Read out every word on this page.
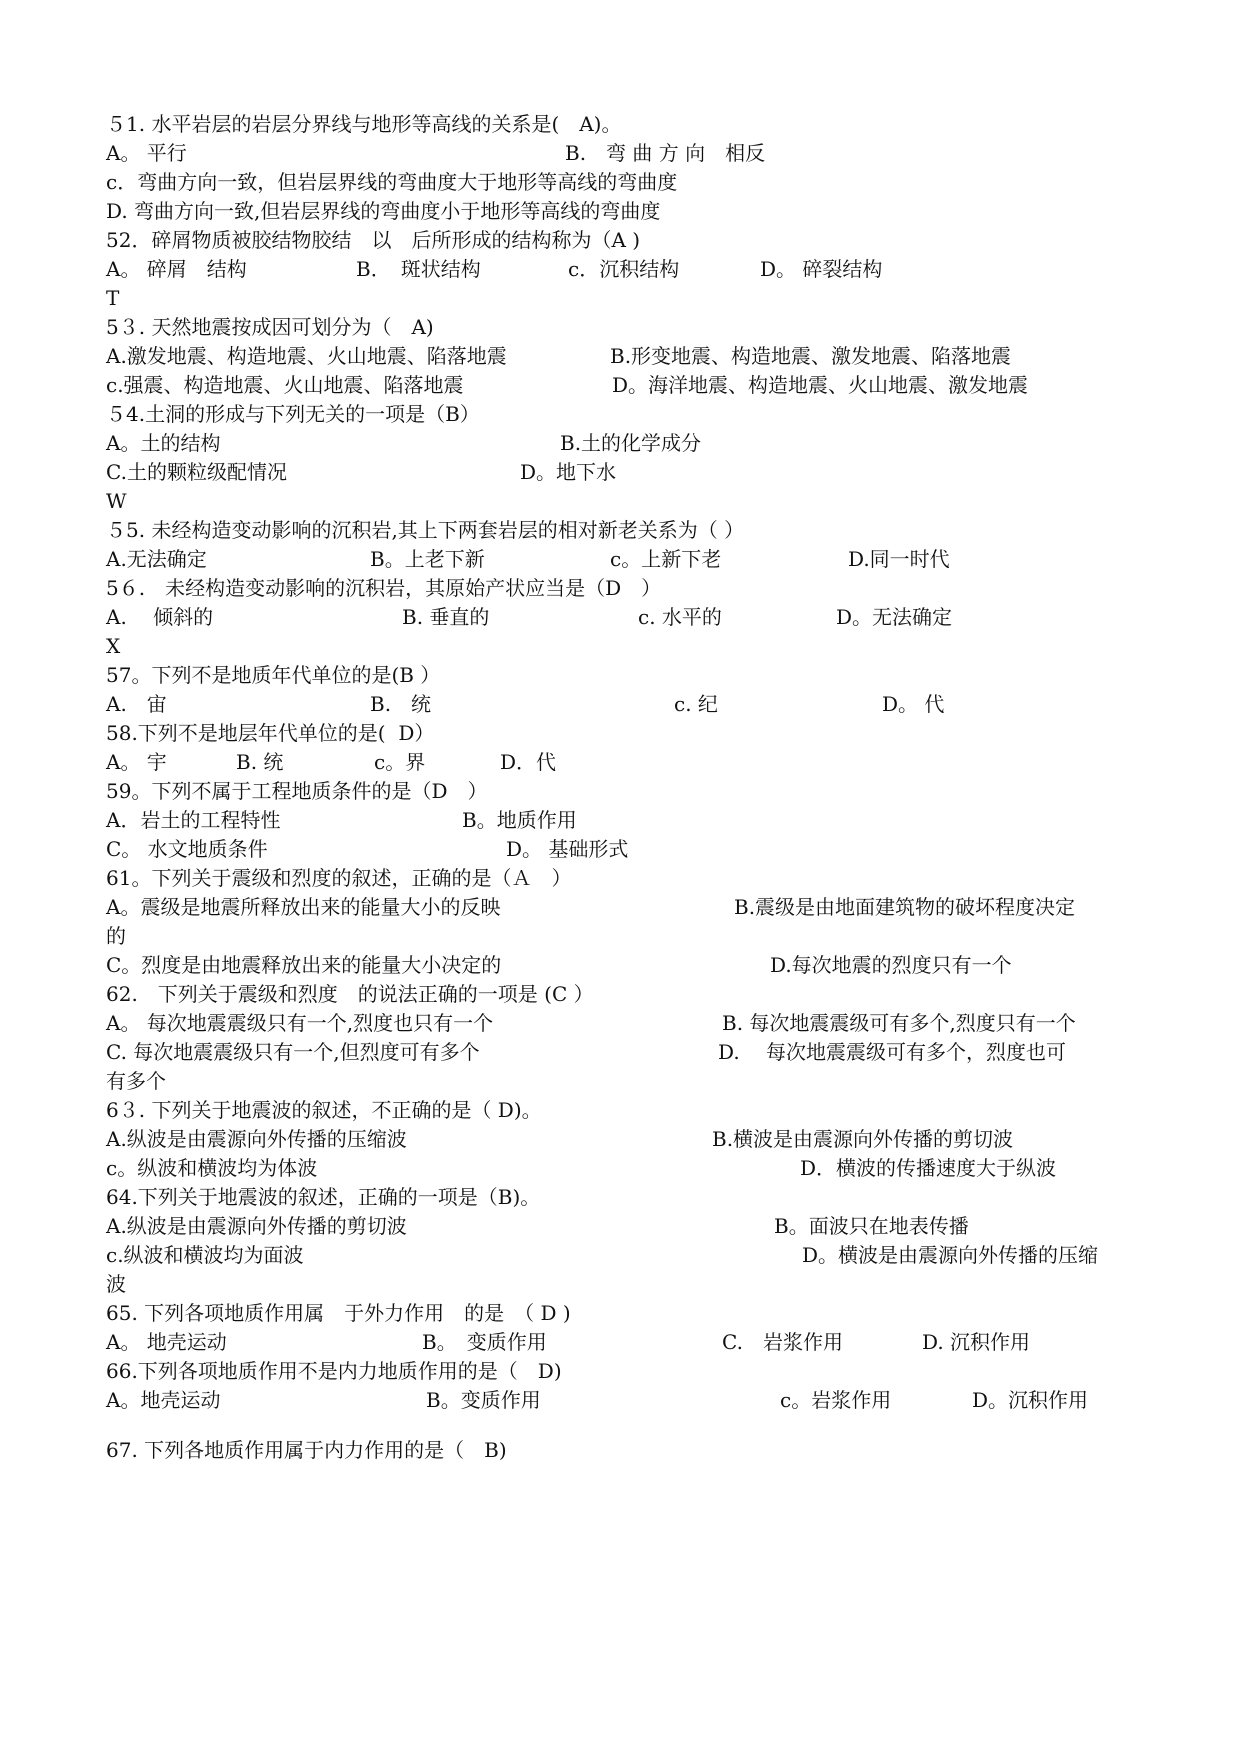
５1. 水平岩层的岩层分界线与地形等高线的关系是(　A)。
A。 平行	B.　弯 曲 方 向　相反
c．弯曲方向一致，但岩层界线的弯曲度大于地形等高线的弯曲度
D. 弯曲方向一致,但岩层界线的弯曲度小于地形等高线的弯曲度
52．碎屑物质被胶结物胶结　以　后所形成的结构称为（A )
A。 碎屑　结构	B．　斑状结构	c．沉积结构	D。 碎裂结构
T
5３. 天然地震按成因可划分为（　A)
A.激发地震、构造地震、火山地震、陷落地震	B.形变地震、构造地震、激发地震、陷落地震
c.强震、构造地震、火山地震、陷落地震	D。海洋地震、构造地震、火山地震、激发地震
５4.土洞的形成与下列无关的一项是（B）
A。土的结构	B.土的化学成分
C.土的颗粒级配情况	D。地下水
W
５5. 未经构造变动影响的沉积岩,其上下两套岩层的相对新老关系为（ ）
A.无法确定	B。上老下新	c。上新下老	D.同一时代
5６.　未经构造变动影响的沉积岩，其原始产状应当是（D　）
A.　 倾斜的	B. 垂直的	c. 水平的	D。无法确定
X
57。下列不是地质年代单位的是(B ）
A.　宙	B.　统	c. 纪	D。 代
58.下列不是地层年代单位的是(  D）
A。 宇	B. 统	c。界	D．代
59。下列不属于工程地质条件的是（D　）
A．岩土的工程特性	B。地质作用
C。 水文地质条件	D。 基础形式
61。下列关于震级和烈度的叙述，正确的是（Ａ　）
A。震级是地震所释放出来的能量大小的反映	B.震级是由地面建筑物的破坏程度决定
的
C。烈度是由地震释放出来的能量大小决定的	D.每次地震的烈度只有一个
62.　下列关于震级和烈度　的说法正确的一项是 (C ）
A。 每次地震震级只有一个,烈度也只有一个	B. 每次地震震级可有多个,烈度只有一个
C. 每次地震震级只有一个,但烈度可有多个	D.　 每次地震震级可有多个，烈度也可
有多个
6３. 下列关于地震波的叙述，不正确的是（ D)。
A.纵波是由震源向外传播的压缩波	B.横波是由震源向外传播的剪切波
c。纵波和横波均为体波	D．横波的传播速度大于纵波
64.下列关于地震波的叙述，正确的一项是（B)。
A.纵波是由震源向外传播的剪切波	B。面波只在地表传播
c.纵波和横波均为面波	D。横波是由震源向外传播的压缩
波
65. 下列各项地质作用属　于外力作用　的是　（ D )
A。 地壳运动	B。　变质作用	C.　岩浆作用	D. 沉积作用
66.下列各项地质作用不是内力地质作用的是（　D)
A。地壳运动	B。变质作用	c。岩浆作用	D。沉积作用
67. 下列各地质作用属于内力作用的是（　B)
